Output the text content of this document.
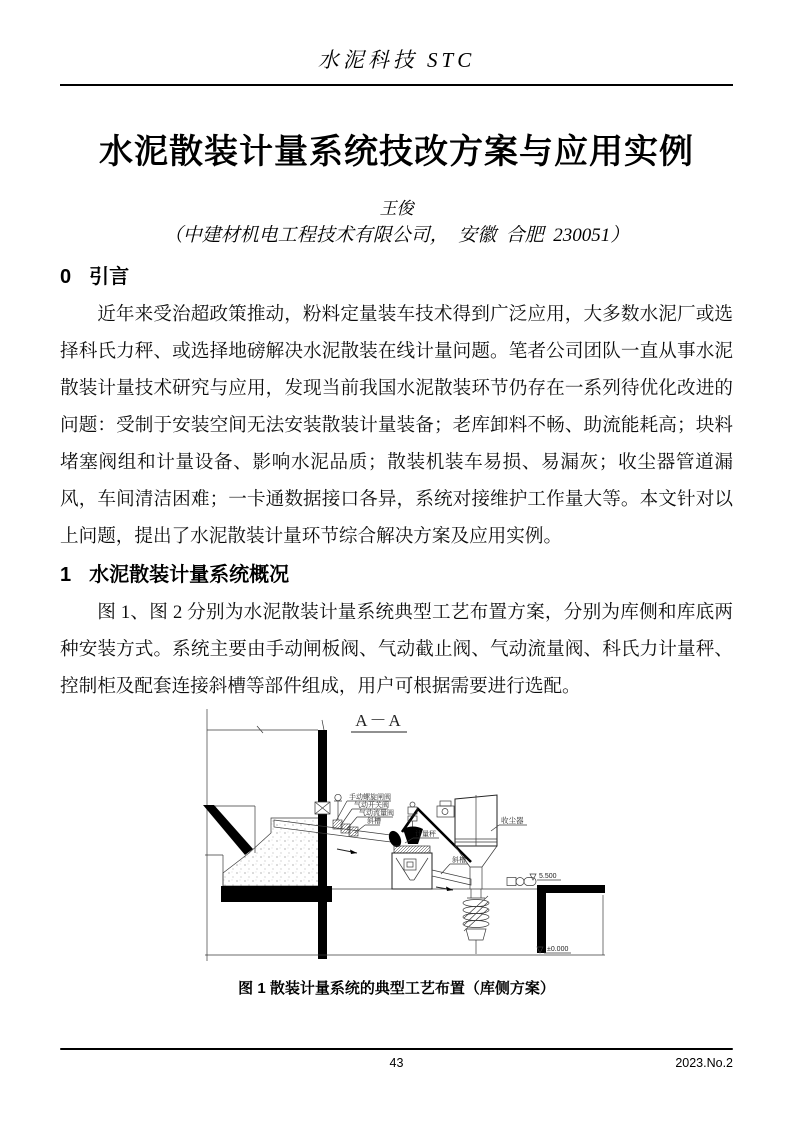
水泥科技 STC
水泥散装计量系统技改方案与应用实例
王俊
（中建材机电工程技术有限公司，  安徽  合肥  230051）
0 引言
近年来受治超政策推动，粉料定量装车技术得到广泛应用，大多数水泥厂或选择科氏力秤、或选择地磅解决水泥散装在线计量问题。笔者公司团队一直从事水泥散装计量技术研究与应用，发现当前我国水泥散装环节仍存在一系列待优化改进的问题：受制于安装空间无法安装散装计量装备；老库卸料不畅、助流能耗高；块料堵塞阀组和计量设备、影响水泥品质；散装机装车易损、易漏灰；收尘器管道漏风，车间清洁困难；一卡通数据接口各异，系统对接维护工作量大等。本文针对以上问题，提出了水泥散装计量环节综合解决方案及应用实例。
1 水泥散装计量系统概况
图 1、图 2 分别为水泥散装计量系统典型工艺布置方案，分别为库侧和库底两种安装方式。系统主要由手动闸板阀、气动截止阀、气动流量阀、科氏力计量秤、控制柜及配套连接斜槽等部件组成，用户可根据需要进行选配。
A－A
手动螺旋闸阀
气动开关阀
气动流量阀
斜槽
计量秤
斜槽
收尘器
5.500
±0.000
图 1 散装计量系统的典型工艺布置（库侧方案）
43	2023.No.2
